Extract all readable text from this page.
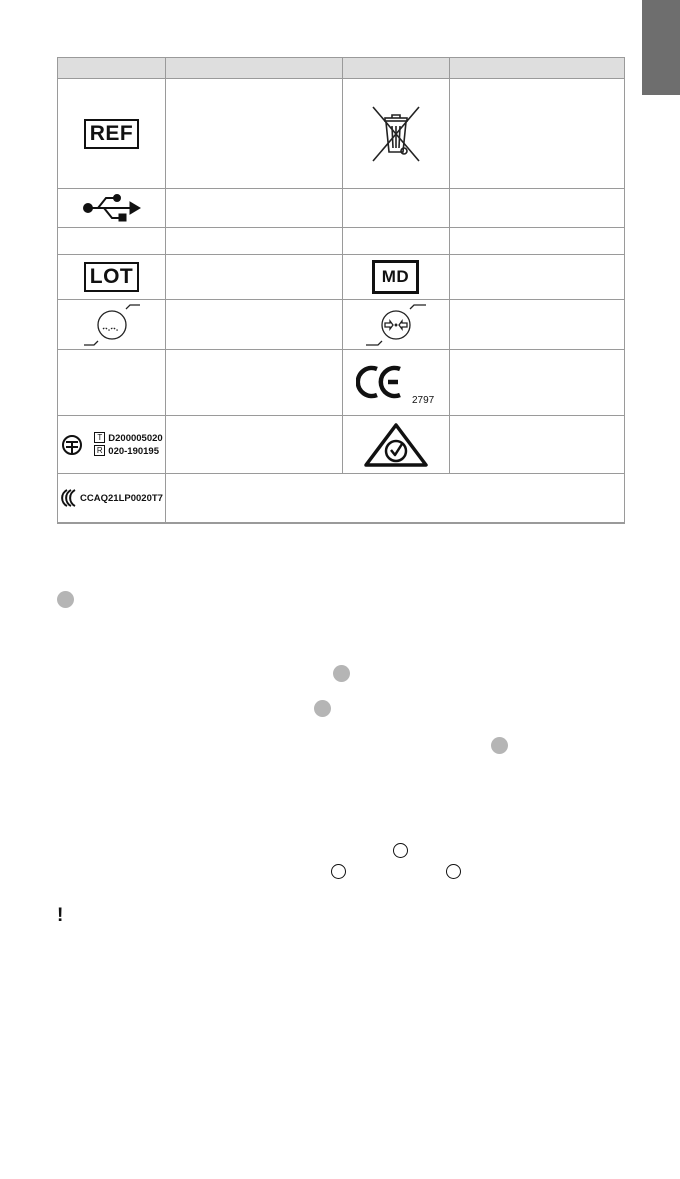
REF
LOT	MD
2797
T D200005020
R 020-190195
CCAQ21LP0020T7
!
